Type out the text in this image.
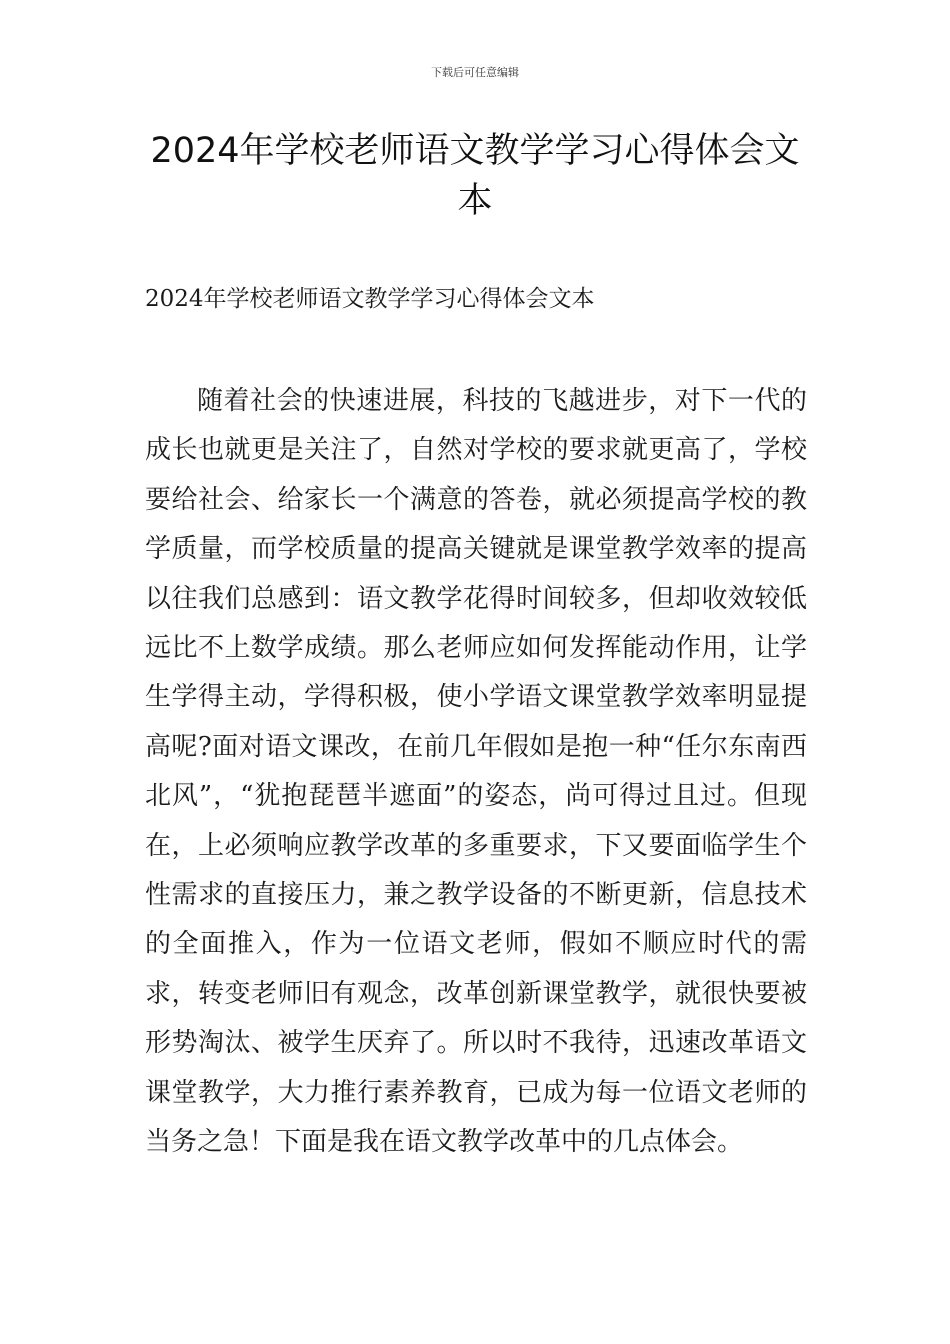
下载后可任意编辑
2024年学校老师语文教学学习心得体会文本
2024年学校老师语文教学学习心得体会文本

随着社会的快速进展，科技的飞越进步，对下一代的成长也就更是关注了，自然对学校的要求就更高了，学校要给社会、给家长一个满意的答卷，就必须提高学校的教学质量，而学校质量的提高关键就是课堂教学效率的提高以往我们总感到：语文教学花得时间较多，但却收效较低远比不上数学成绩。那么老师应如何发挥能动作用，让学生学得主动，学得积极，使小学语文课堂教学效率明显提高呢?面对语文课改，在前几年假如是抱一种“任尔东南西北风”，“犹抱琵琶半遮面”的姿态，尚可得过且过。但现在，上必须响应教学改革的多重要求，下又要面临学生个性需求的直接压力，兼之教学设备的不断更新，信息技术的全面推入，作为一位语文老师，假如不顺应时代的需求，转变老师旧有观念，改革创新课堂教学，就很快要被形势淘汰、被学生厌弃了。所以时不我待，迅速改革语文课堂教学，大力推行素养教育，已成为每一位语文老师的当务之急！下面是我在语文教学改革中的几点体会。
